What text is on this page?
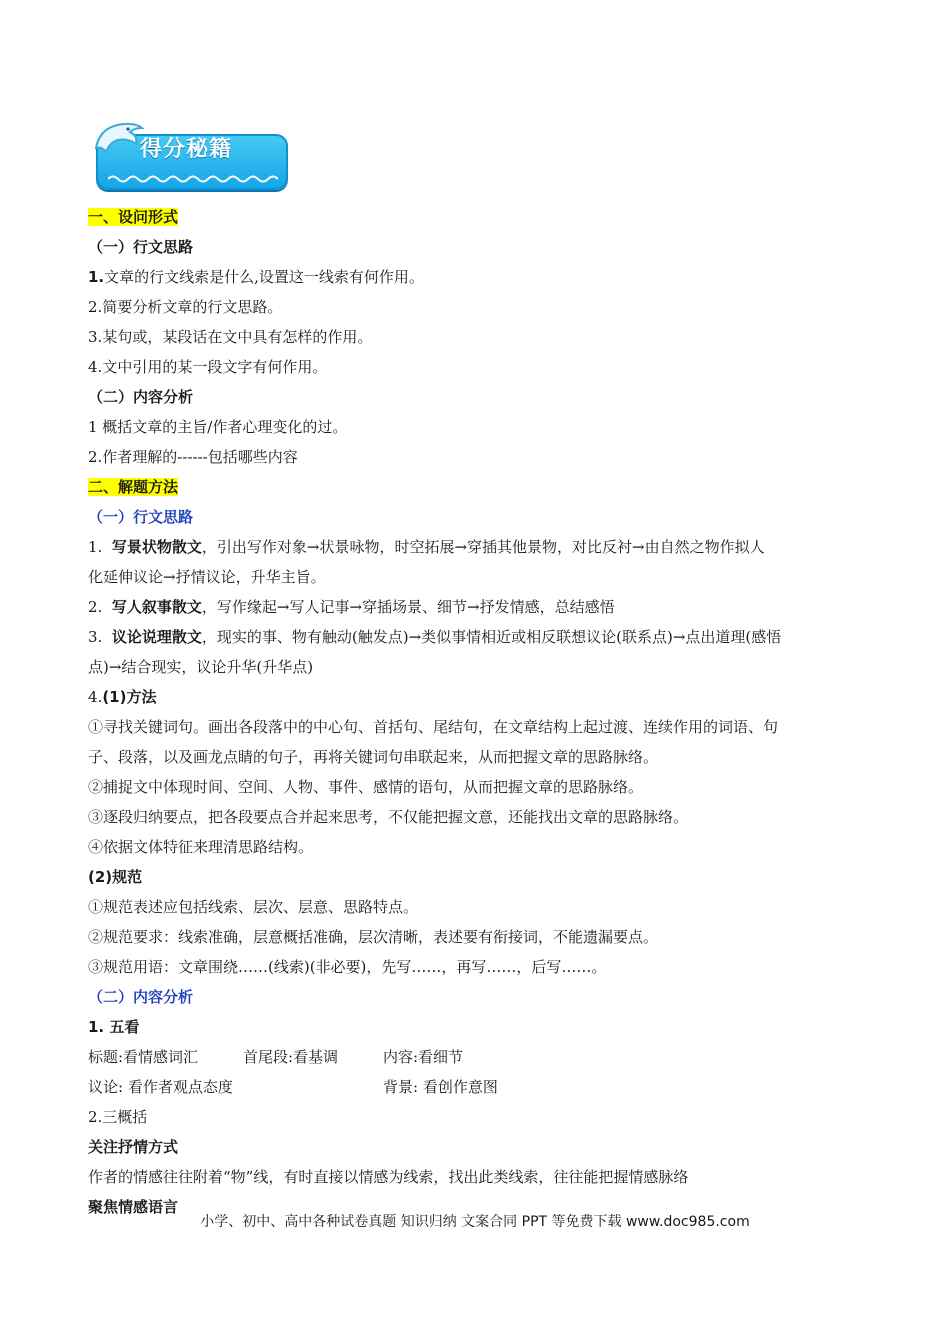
得分秘籍
一、设问形式
（一）行文思路
1.文章的行文线索是什么,设置这一线索有何作用。
2.简要分析文章的行文思路。
3.某句或，某段话在文中具有怎样的作用。
4.文中引用的某一段文字有何作用。
（二）内容分析
1 概括文章的主旨/作者心理变化的过。
2.作者理解的------包括哪些内容
二、解题方法
（一）行文思路
1. 写景状物散文，引出写作对象→状景咏物，时空拓展→穿插其他景物，对比反衬→由自然之物作拟人
化延伸议论→抒情议论，升华主旨。
2. 写人叙事散文，写作缘起→写人记事→穿插场景、细节→抒发情感，总结感悟
3. 议论说理散文，现实的事、物有触动(触发点)→类似事情相近或相反联想议论(联系点)→点出道理(感悟
点)→结合现实，议论升华(升华点)
4.(1)方法
①寻找关键词句。画出各段落中的中心句、首括句、尾结句，在文章结构上起过渡、连续作用的词语、句
子、段落，以及画龙点睛的句子，再将关键词句串联起来，从而把握文章的思路脉络。
②捕捉文中体现时间、空间、人物、事件、感情的语句，从而把握文章的思路脉络。
③逐段归纳要点，把各段要点合并起来思考，不仅能把握文意，还能找出文章的思路脉络。
④依据文体特征来理清思路结构。
(2)规范
①规范表述应包括线索、层次、层意、思路特点。
②规范要求：线索准确，层意概括准确，层次清晰，表述要有衔接词，不能遗漏要点。
③规范用语：文章围绕……(线索)(非必要)，先写……，再写……，后写……。
（二）内容分析
1. 五看
标题:看情感词汇	首尾段:看基调	内容:看细节
议论: 看作者观点态度	背景: 看创作意图
2.三概括
关注抒情方式
作者的情感往往附着“物”线，有时直接以情感为线索，找出此类线索，往往能把握情感脉络
聚焦情感语言
小学、初中、高中各种试卷真题 知识归纳 文案合同 PPT 等免费下载 www.doc985.com
